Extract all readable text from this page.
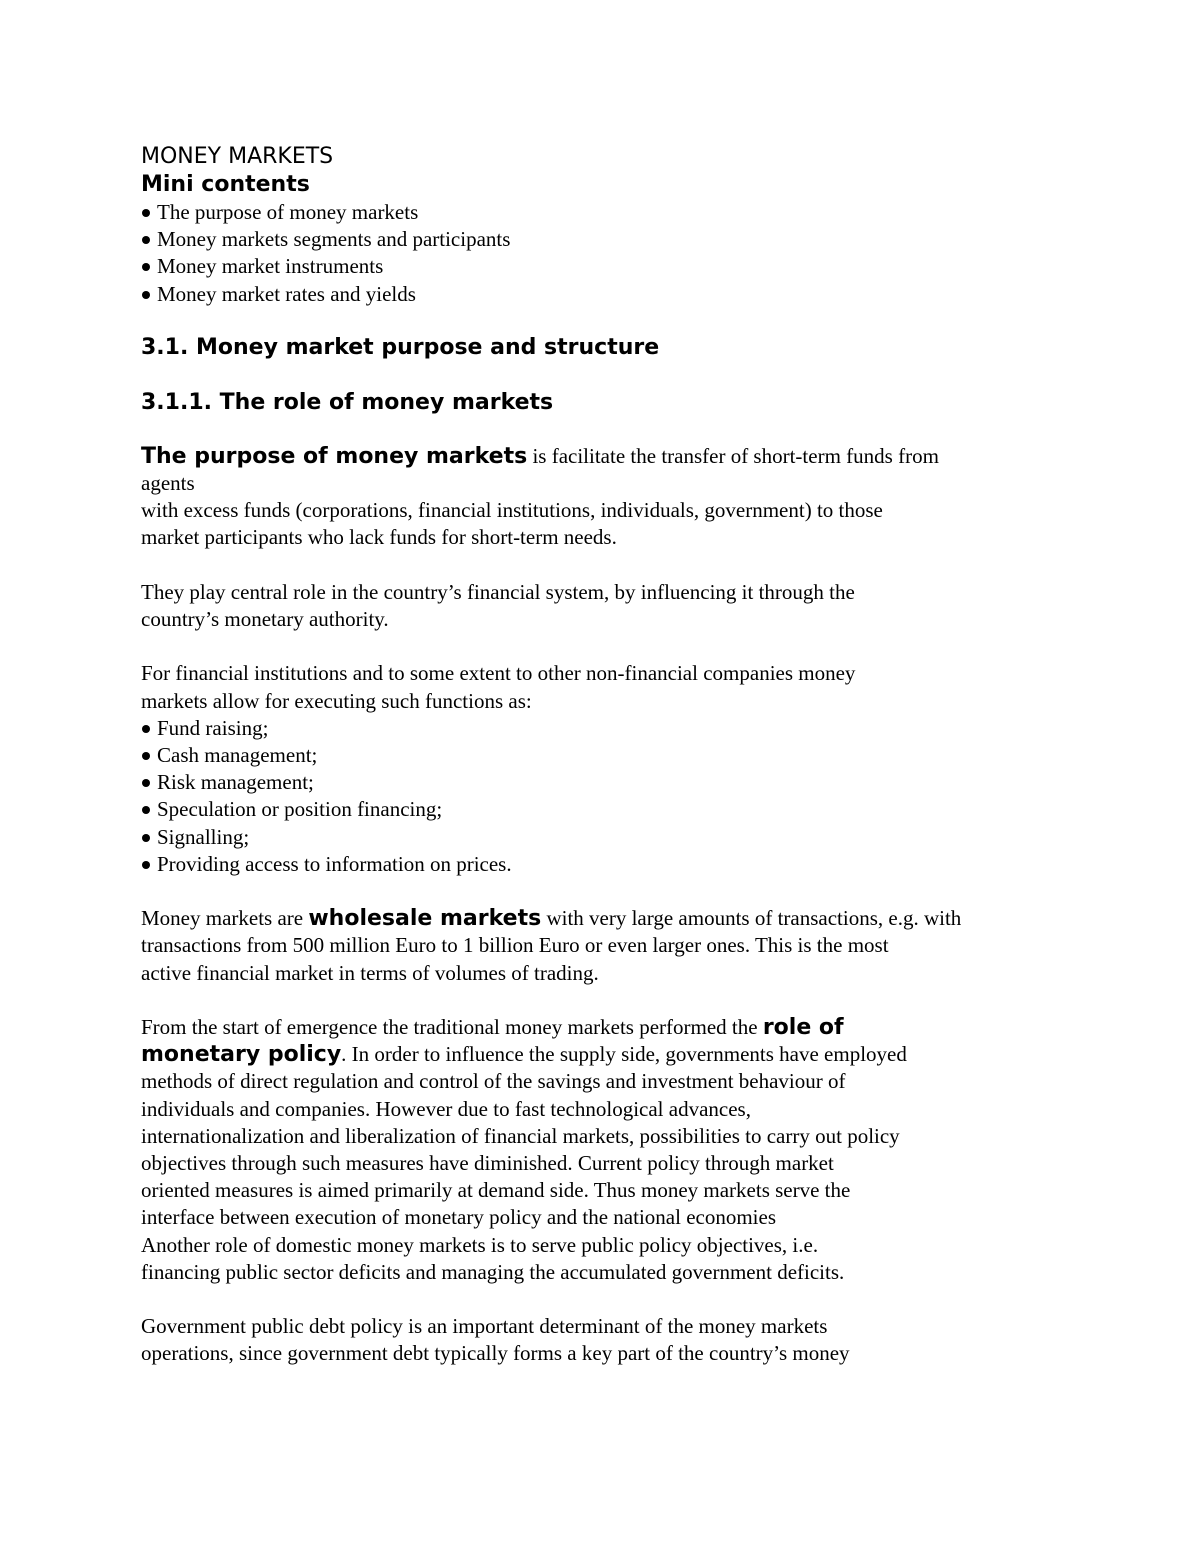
MONEY MARKETS
Mini contents
The purpose of money markets
Money markets segments and participants
Money market instruments
Money market rates and yields
3.1. Money market purpose and structure
3.1.1. The role of money markets

The purpose of money markets is facilitate the transfer of short-term funds from
agents
with excess funds (corporations, financial institutions, individuals, government) to those
market participants who lack funds for short-term needs.

They play central role in the country’s financial system, by influencing it through the
country’s monetary authority.

For financial institutions and to some extent to other non-financial companies money
markets allow for executing such functions as:

Fund raising;
Cash management;
Risk management;
Speculation or position financing;
Signalling;
Providing access to information on prices.

Money markets are wholesale markets with very large amounts of transactions, e.g. with
transactions from 500 million Euro to 1 billion Euro or even larger ones. This is the most
active financial market in terms of volumes of trading.

From the start of emergence the traditional money markets performed the role of
monetary policy. In order to influence the supply side, governments have employed
methods of direct regulation and control of the savings and investment behaviour of
individuals and companies. However due to fast technological advances,
internationalization and liberalization of financial markets, possibilities to carry out policy
objectives through such measures have diminished. Current policy through market
oriented measures is aimed primarily at demand side. Thus money markets serve the
interface between execution of monetary policy and the national economies
Another role of domestic money markets is to serve public policy objectives, i.e.
financing public sector deficits and managing the accumulated government deficits.

Government public debt policy is an important determinant of the money markets
operations, since government debt typically forms a key part of the country’s money
